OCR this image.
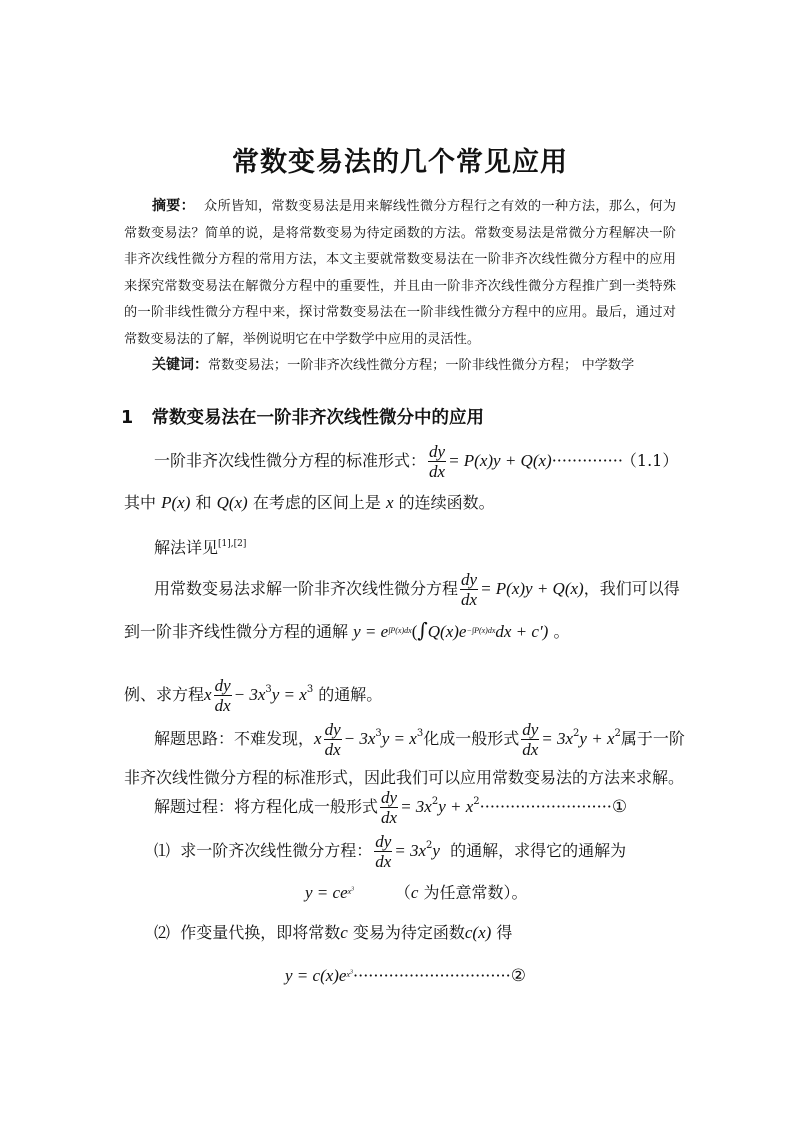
常数变易法的几个常见应用
摘要： 众所皆知，常数变易法是用来解线性微分方程行之有效的一种方法，那么，何为常数变易法？简单的说，是将常数变易为待定函数的方法。常数变易法是常微分方程解决一阶非齐次线性微分方程的常用方法，本文主要就常数变易法在一阶非齐次线性微分方程中的应用来探究常数变易法在解微分方程中的重要性，并且由一阶非齐次线性微分方程推广到一类特殊的一阶非线性微分方程中来，探讨常数变易法在一阶非线性微分方程中的应用。最后，通过对常数变易法的了解，举例说明它在中学数学中应用的灵活性。
关键词：常数变易法；一阶非齐次线性微分方程；一阶非线性微分方程； 中学数学
1 常数变易法在一阶非齐次线性微分中的应用
一阶非齐次线性微分方程的标准形式： $\frac{dy}{dx} = P(x)y + Q(x)\cdot\cdot\cdot\cdot\cdot\cdot\cdot\cdot\cdot\cdot\cdot\cdot\cdot\cdot (1.1)$
其中 P(x) 和 Q(x) 在考虑的区间上是 x 的连续函数。
解法详见[1],[2]
用常数变易法求解一阶非齐次线性微分方程 $\frac{dy}{dx} = P(x)y + Q(x)$，我们可以得
到一阶非齐线性微分方程的通解 $y = e^{\int P(x)dx}(\int Q(x)e^{-\int P(x)dx}dx + c')$ 。
例、求方程x $\frac{dy}{dx} - 3x^3y = x^3$ 的通解。
解题思路：不难发现，x $\frac{dy}{dx} - 3x^3y = x^3$化成一般形式 $\frac{dy}{dx} = 3x^2y + x^2$属于一阶
非齐次线性微分方程的标准形式，因此我们可以应用常数变易法的方法来求解。
解题过程：将方程化成一般形式 $\frac{dy}{dx} = 3x^2y$ + $x^2\cdot\cdot\cdot\cdot\cdot\cdot\cdot\cdot\cdot\cdot\cdot\cdot\cdot\cdot\cdot\cdot\cdot\cdot\cdot\cdot\cdot\cdot\cdot\cdot\cdot\cdot ①$
⑴ 求一阶齐次线性微分方程： $\frac{dy}{dx} = 3x^2y$ 的通解，求得它的通解为
$y = ce^{x^3}$	（c 为任意常数）。
⑵ 作变量代换，即将常数c 变易为待定函数c(x) 得
$y = c(x)e^{x^3}\cdot\cdot\cdot\cdot\cdot\cdot\cdot\cdot\cdot\cdot\cdot\cdot\cdot\cdot\cdot\cdot\cdot\cdot\cdot\cdot\cdot\cdot\cdot\cdot\cdot\cdot\cdot\cdot\cdot\cdot\cdot ②$
